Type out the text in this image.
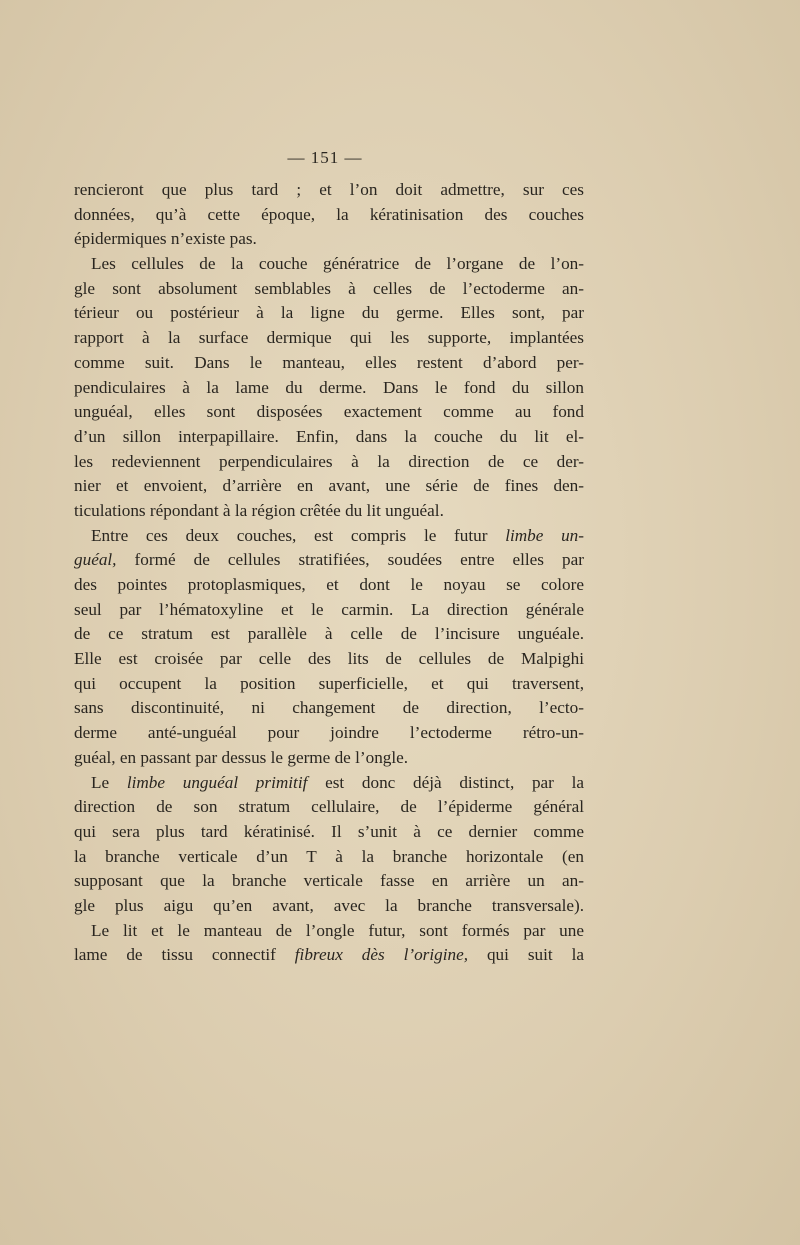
— 151 —
rencieront que plus tard ; et l’on doit admettre, sur ces
données, qu’à cette époque, la kératinisation des couches
épidermiques n’existe pas.
Les cellules de la couche génératrice de l’organe de l’on-
gle sont absolument semblables à celles de l’ectoderme an-
térieur ou postérieur à la ligne du germe. Elles sont, par
rapport à la surface dermique qui les supporte, implantées
comme suit. Dans le manteau, elles restent d’abord per-
pendiculaires à la lame du derme. Dans le fond du sillon
unguéal, elles sont disposées exactement comme au fond
d’un sillon interpapillaire. Enfin, dans la couche du lit el-
les redeviennent perpendiculaires à la direction de ce der-
nier et envoient, d’arrière en avant, une série de fines den-
ticulations répondant à la région crêtée du lit unguéal.
Entre ces deux couches, est compris le futur limbe un-
guéal, formé de cellules stratifiées, soudées entre elles par
des pointes protoplasmiques, et dont le noyau se colore
seul par l’hématoxyline et le carmin. La direction générale
de ce stratum est parallèle à celle de l’incisure unguéale.
Elle est croisée par celle des lits de cellules de Malpighi
qui occupent la position superficielle, et qui traversent,
sans discontinuité, ni changement de direction, l’ecto-
derme anté-unguéal pour joindre l’ectoderme rétro-un-
guéal, en passant par dessus le germe de l’ongle.
Le limbe unguéal primitif est donc déjà distinct, par la
direction de son stratum cellulaire, de l’épiderme général
qui sera plus tard kératinisé. Il s’unit à ce dernier comme
la branche verticale d’un T à la branche horizontale (en
supposant que la branche verticale fasse en arrière un an-
gle plus aigu qu’en avant, avec la branche transversale).
Le lit et le manteau de l’ongle futur, sont formés par une
lame de tissu connectif fibreux dès l’origine, qui suit la
